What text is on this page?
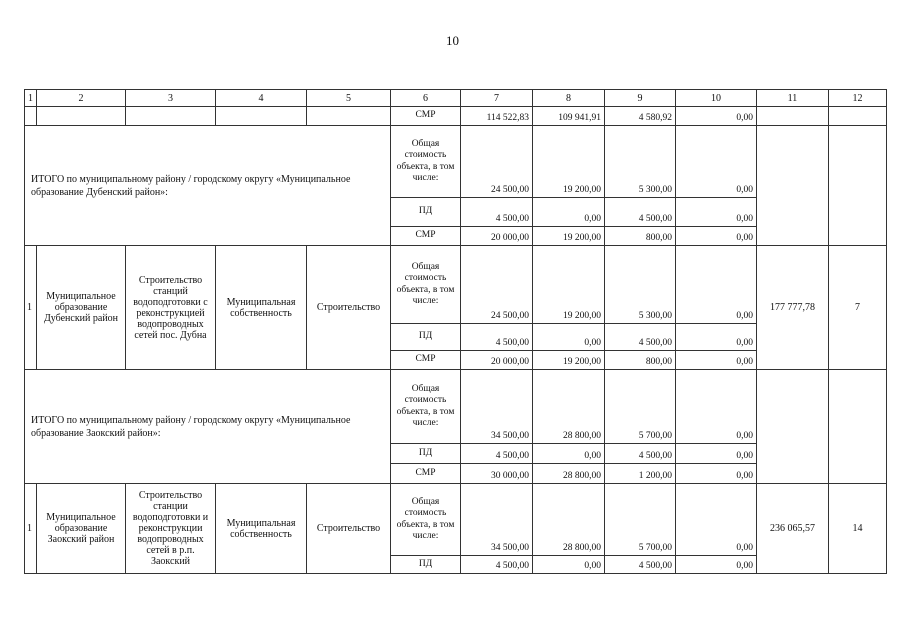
10
1	2	3	4	5	6	7	8	9	10	11	12
					СМР	114 522,83	109 941,91	4 580,92	0,00		
ИТОГО по муниципальному району / городскому округу «Муниципальное образование Дубенский район»:					Общая стоимость объекта, в том числе:	24 500,00	19 200,00	5 300,00	0,00		
					ПД	4 500,00	0,00	4 500,00	0,00		
					СМР	20 000,00	19 200,00	800,00	0,00		
1	Муниципальное образование Дубенский район	Строительство станций водоподготовки с реконструкцией водопроводных сетей пос. Дубна	Муниципальная собственность	Строительство	Общая стоимость объекта, в том числе:	24 500,00	19 200,00	5 300,00	0,00	177 777,78	7
					ПД	4 500,00	0,00	4 500,00	0,00		
					СМР	20 000,00	19 200,00	800,00	0,00		
ИТОГО по муниципальному району / городскому округу «Муниципальное образование Заокский район»:					Общая стоимость объекта, в том числе:	34 500,00	28 800,00	5 700,00	0,00		
					ПД	4 500,00	0,00	4 500,00	0,00		
					СМР	30 000,00	28 800,00	1 200,00	0,00		
1	Муниципальное образование Заокский район	Строительство станции водоподготовки и реконструкции водопроводных сетей в р.п. Заокский	Муниципальная собственность	Строительство	Общая стоимость объекта, в том числе:	34 500,00	28 800,00	5 700,00	0,00	236 065,57	14
					ПД	4 500,00	0,00	4 500,00	0,00		
